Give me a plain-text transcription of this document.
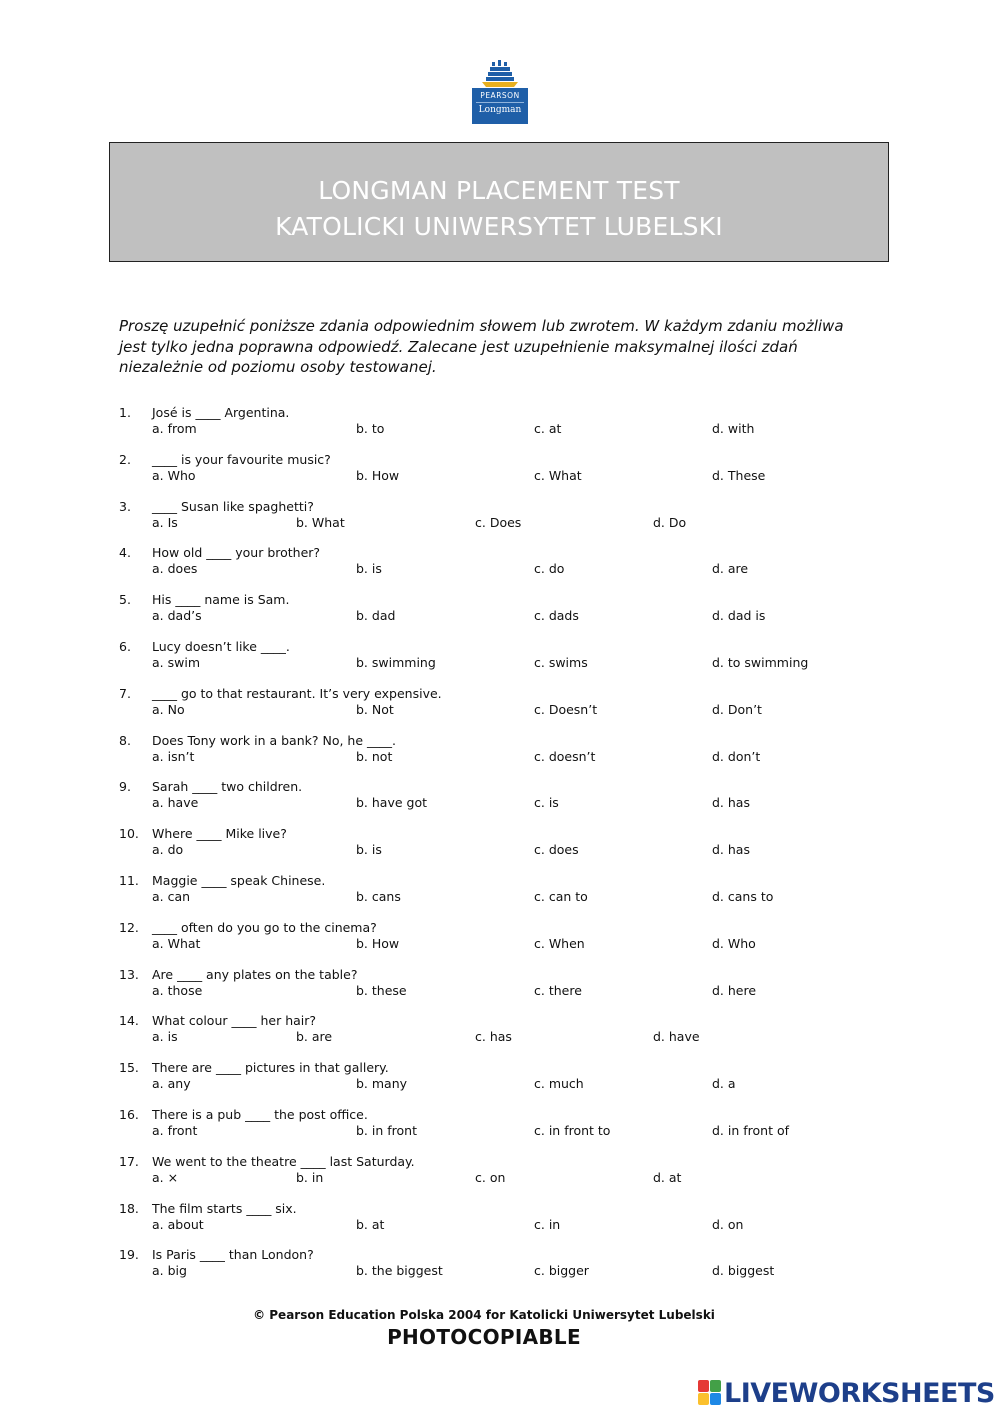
PEARSON
Longman
LONGMAN PLACEMENT TEST
KATOLICKI UNIWERSYTET LUBELSKI
Proszę uzupełnić poniższe zdania odpowiednim słowem lub zwrotem. W każdym zdaniu możliwa
jest tylko jedna poprawna odpowiedź. Zalecane jest uzupełnienie maksymalnej ilości zdań
niezależnie od poziomu osoby testowanej.
1. José is ____ Argentina.
a. from	b. to	c. at	d. with
2. ____ is your favourite music?
a. Who	b. How	c. What	d. These
3. ____ Susan like spaghetti?
a. Is	b. What	c. Does	d. Do
4. How old ____ your brother?
a. does	b. is	c. do	d. are
5. His ____ name is Sam.
a. dad’s	b. dad	c. dads	d. dad is
6. Lucy doesn’t like ____.
a. swim	b. swimming	c. swims	d. to swimming
7. ____ go to that restaurant. It’s very expensive.
a. No	b. Not	c. Doesn’t	d. Don’t
8. Does Tony work in a bank? No, he ____.
a. isn’t	b. not	c. doesn’t	d. don’t
9. Sarah ____ two children.
a. have	b. have got	c. is	d. has
10. Where ____ Mike live?
a. do	b. is	c. does	d. has
11. Maggie ____ speak Chinese.
a. can	b. cans	c. can to	d. cans to
12. ____ often do you go to the cinema?
a. What	b. How	c. When	d. Who
13. Are ____ any plates on the table?
a. those	b. these	c. there	d. here
14. What colour ____ her hair?
a. is	b. are	c. has	d. have
15. There are ____ pictures in that gallery.
a. any	b. many	c. much	d. a
16. There is a pub ____ the post office.
a. front	b. in front	c. in front to	d. in front of
17. We went to the theatre ____ last Saturday.
a. ×	b. in	c. on	d. at
18. The film starts ____ six.
a. about	b. at	c. in	d. on
19. Is Paris ____ than London?
a. big	b. the biggest	c. bigger	d. biggest
© Pearson Education Polska 2004 for Katolicki Uniwersytet Lubelski
PHOTOCOPIABLE
LIVEWORKSHEETS
